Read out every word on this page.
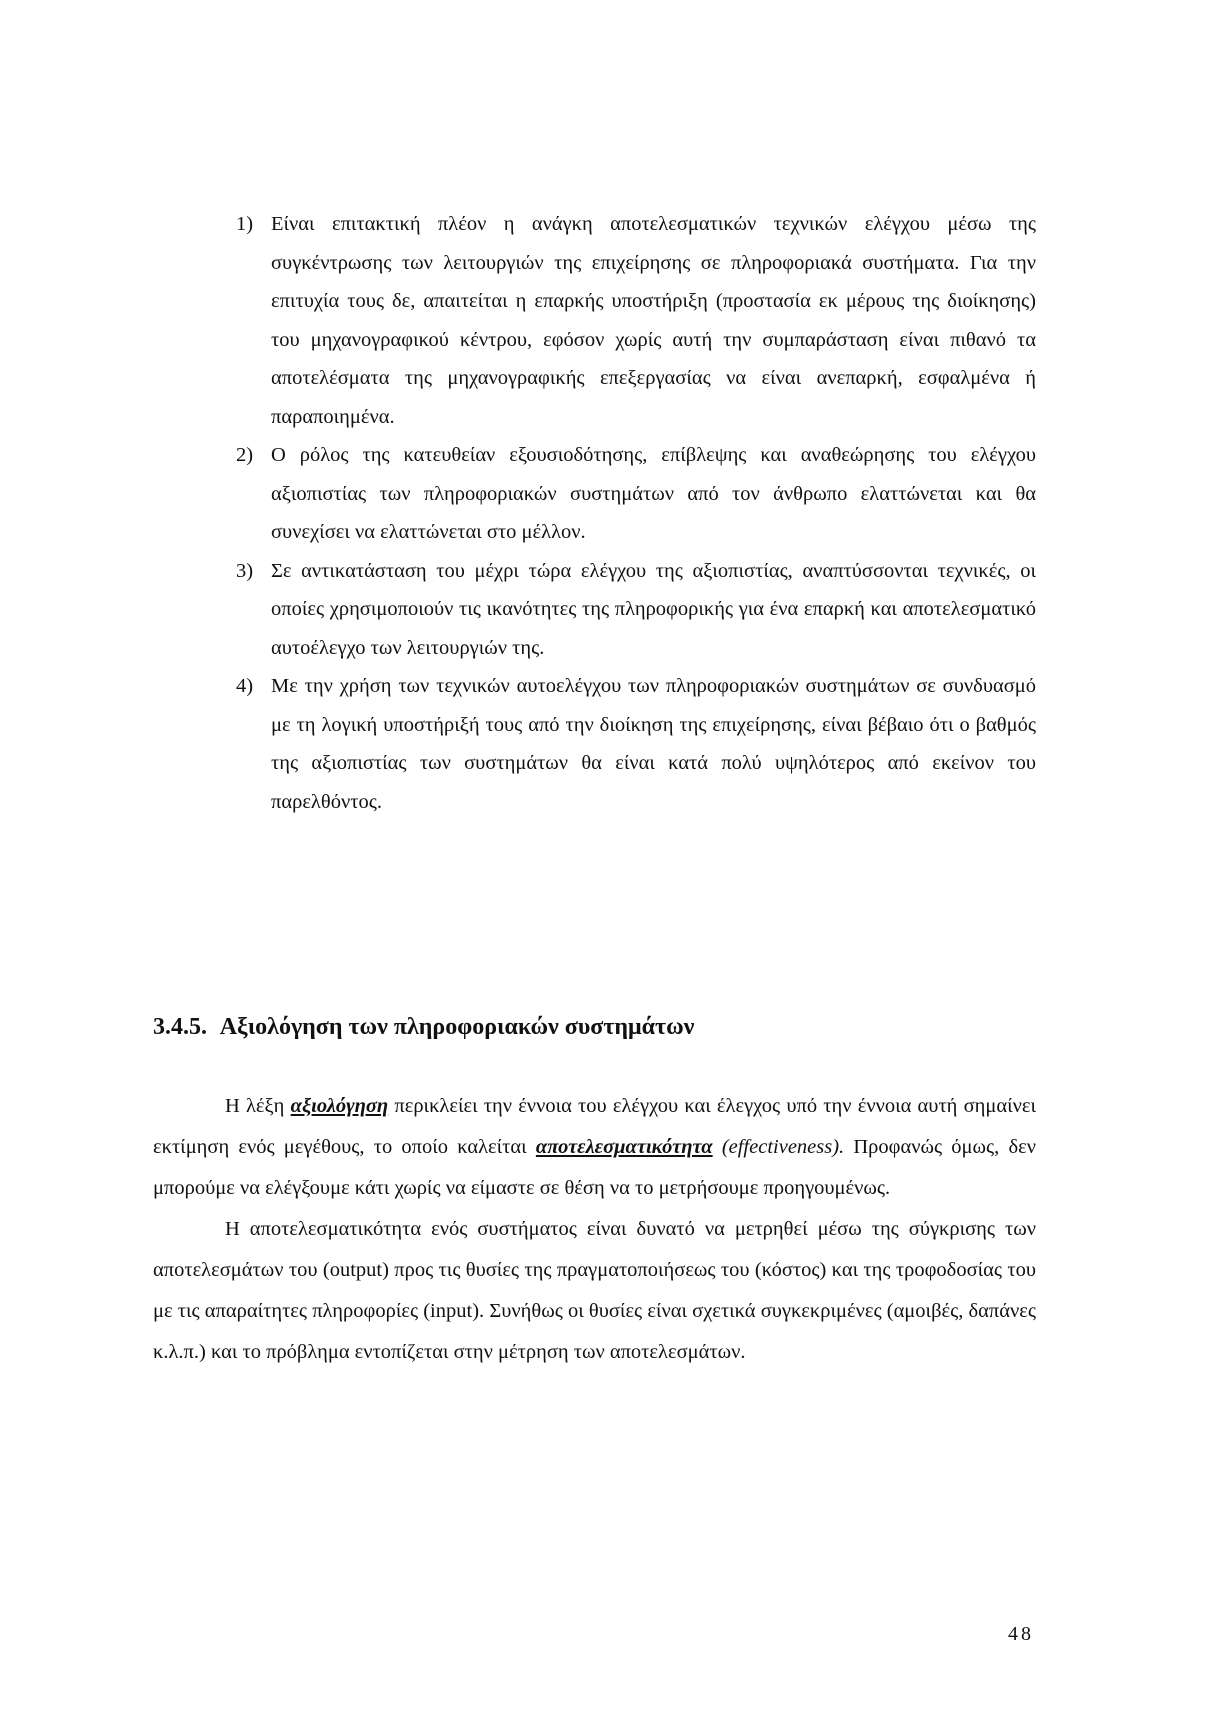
1) Είναι επιτακτική πλέον η ανάγκη αποτελεσματικών τεχνικών ελέγχου μέσω της συγκέντρωσης των λειτουργιών της επιχείρησης σε πληροφοριακά συστήματα. Για την επιτυχία τους δε, απαιτείται η επαρκής υποστήριξη (προστασία εκ μέρους της διοίκησης) του μηχανογραφικού κέντρου, εφόσον χωρίς αυτή την συμπαράσταση είναι πιθανό τα αποτελέσματα της μηχανογραφικής επεξεργασίας να είναι ανεπαρκή, εσφαλμένα ή παραποιημένα.
2) Ο ρόλος της κατευθείαν εξουσιοδότησης, επίβλεψης και αναθεώρησης του ελέγχου αξιοπιστίας των πληροφοριακών συστημάτων από τον άνθρωπο ελαττώνεται και θα συνεχίσει να ελαττώνεται στο μέλλον.
3) Σε αντικατάσταση του μέχρι τώρα ελέγχου της αξιοπιστίας, αναπτύσσονται τεχνικές, οι οποίες χρησιμοποιούν τις ικανότητες της πληροφορικής για ένα επαρκή και αποτελεσματικό αυτοέλεγχο των λειτουργιών της.
4) Με την χρήση των τεχνικών αυτοελέγχου των πληροφοριακών συστημάτων σε συνδυασμό με τη λογική υποστήριξή τους από την διοίκηση της επιχείρησης, είναι βέβαιο ότι ο βαθμός της αξιοπιστίας των συστημάτων θα είναι κατά πολύ υψηλότερος από εκείνον του παρελθόντος.
3.4.5. Αξιολόγηση των πληροφοριακών συστημάτων

Η λέξη αξιολόγηση περικλείει την έννοια του ελέγχου και έλεγχος υπό την έννοια αυτή σημαίνει εκτίμηση ενός μεγέθους, το οποίο καλείται αποτελεσματικότητα (effectiveness). Προφανώς όμως, δεν μπορούμε να ελέγξουμε κάτι χωρίς να είμαστε σε θέση να το μετρήσουμε προηγουμένως.

Η αποτελεσματικότητα ενός συστήματος είναι δυνατό να μετρηθεί μέσω της σύγκρισης των αποτελεσμάτων του (output) προς τις θυσίες της πραγματοποιήσεως του (κόστος) και της τροφοδοσίας του με τις απαραίτητες πληροφορίες (input). Συνήθως οι θυσίες είναι σχετικά συγκεκριμένες (αμοιβές, δαπάνες κ.λ.π.) και το πρόβλημα εντοπίζεται στην μέτρηση των αποτελεσμάτων.

48
